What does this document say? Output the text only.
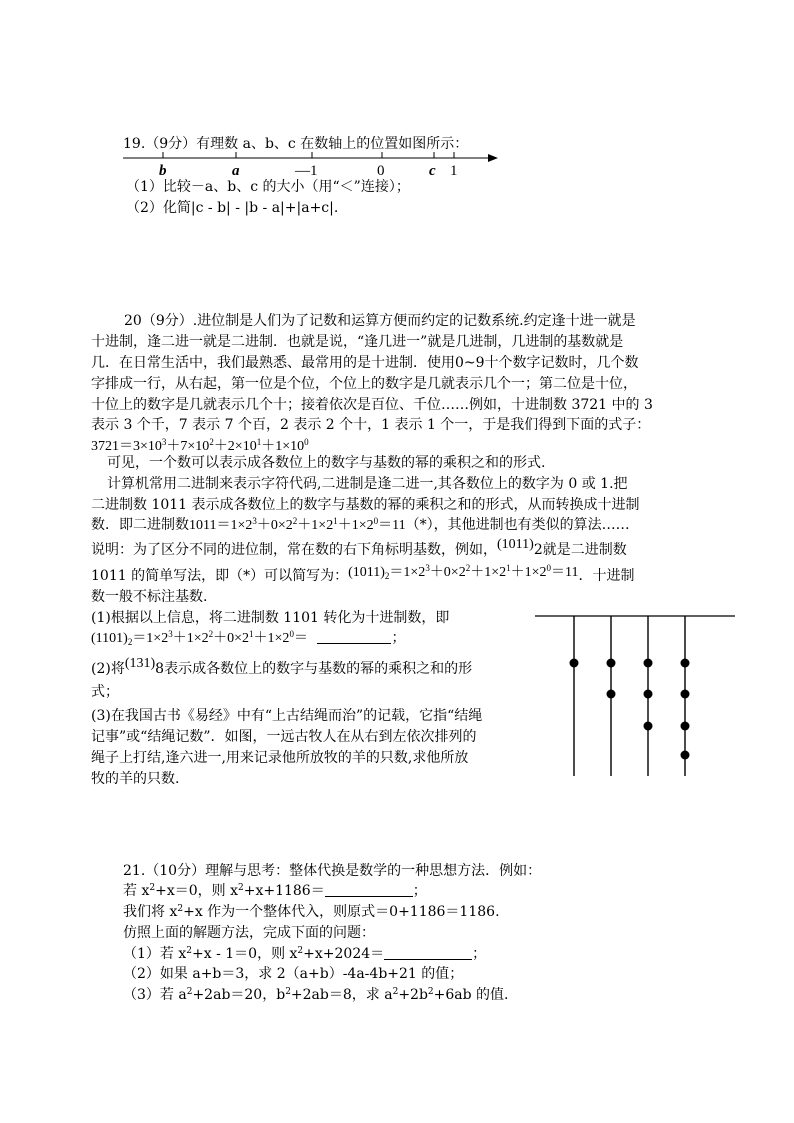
19.（9分）有理数 a、b、c 在数轴上的位置如图所示：
b	a	—1	0	c 1
（1）比较－a、b、c 的大小（用“＜”连接）；
（2）化简|c - b| - |b - a|+|a+c|.
20（9分）.进位制是人们为了记数和运算方便而约定的记数系统.约定逢十进一就是
十进制，逢二进一就是二进制．也就是说，“逢几进一”就是几进制，几进制的基数就是
几．在日常生活中，我们最熟悉、最常用的是十进制．使用0~9十个数字记数时，几个数
字排成一行，从右起，第一位是个位，个位上的数字是几就表示几个一；第二位是十位，
十位上的数字是几就表示几个十；接着依次是百位、千位……例如，十进制数 3721 中的 3
表示 3 个千，7 表示 7 个百，2 表示 2 个十，1 表示 1 个一，于是我们得到下面的式子：
$3721=3\times 10^3+7\times 10^2+2\times 10^1+1\times 10^0$
可见，一个数可以表示成各数位上的数字与基数的幂的乘积之和的形式.
计算机常用二进制来表示字符代码,二进制是逢二进一,其各数位上的数字为 0 或 1.把
二进制数 1011 表示成各数位上的数字与基数的幂的乘积之和的形式，从而转换成十进制
数．即二进制数$1011=1\times 2^3+0\times 2^2+1\times 2^1+1\times 2^0=11(*)$，其他进制也有类似的算法……
说明：为了区分不同的进位制，常在数的右下角标明基数，例如，(1011)2就是二进制数
1011 的简单写法，即（*）可以简写为：$(1011)_2=1\times 2^3+0\times 2^2+1\times 2^1+1\times 2^0=11$．十进制
数一般不标注基数.
(1)根据以上信息，将二进制数 1101 转化为十进制数，即
$(1101)_2=1\times 2^3+1\times 2^2+0\times 2^1+1\times 2^0=$	；
(2)将(131)8表示成各数位上的数字与基数的幂的乘积之和的形
式；
(3)在我国古书《易经》中有“上古结绳而治”的记载，它指“结绳
记事”或“结绳记数”．如图，一远古牧人在从右到左依次排列的
绳子上打结,逢六进一,用来记录他所放牧的羊的只数,求他所放
牧的羊的只数.
21.（10分）理解与思考：整体代换是数学的一种思想方法．例如：
若 $x^2+x=0$，则 $x^2+x+1186=$	；
我们将 $x^2+x$ 作为一个整体代入，则原式＝0+1186＝1186.
仿照上面的解题方法，完成下面的问题：
（1）若 $x^2+x - 1=0$，则 $x^2+x+2024=$	；
（2）如果 a+b＝3，求 2（a+b）-4a-4b+21 的值；
（3）若 $a^2+2ab=20$，$b^2+2ab=8$，求 $a^2+2b^2+6ab$ 的值.
